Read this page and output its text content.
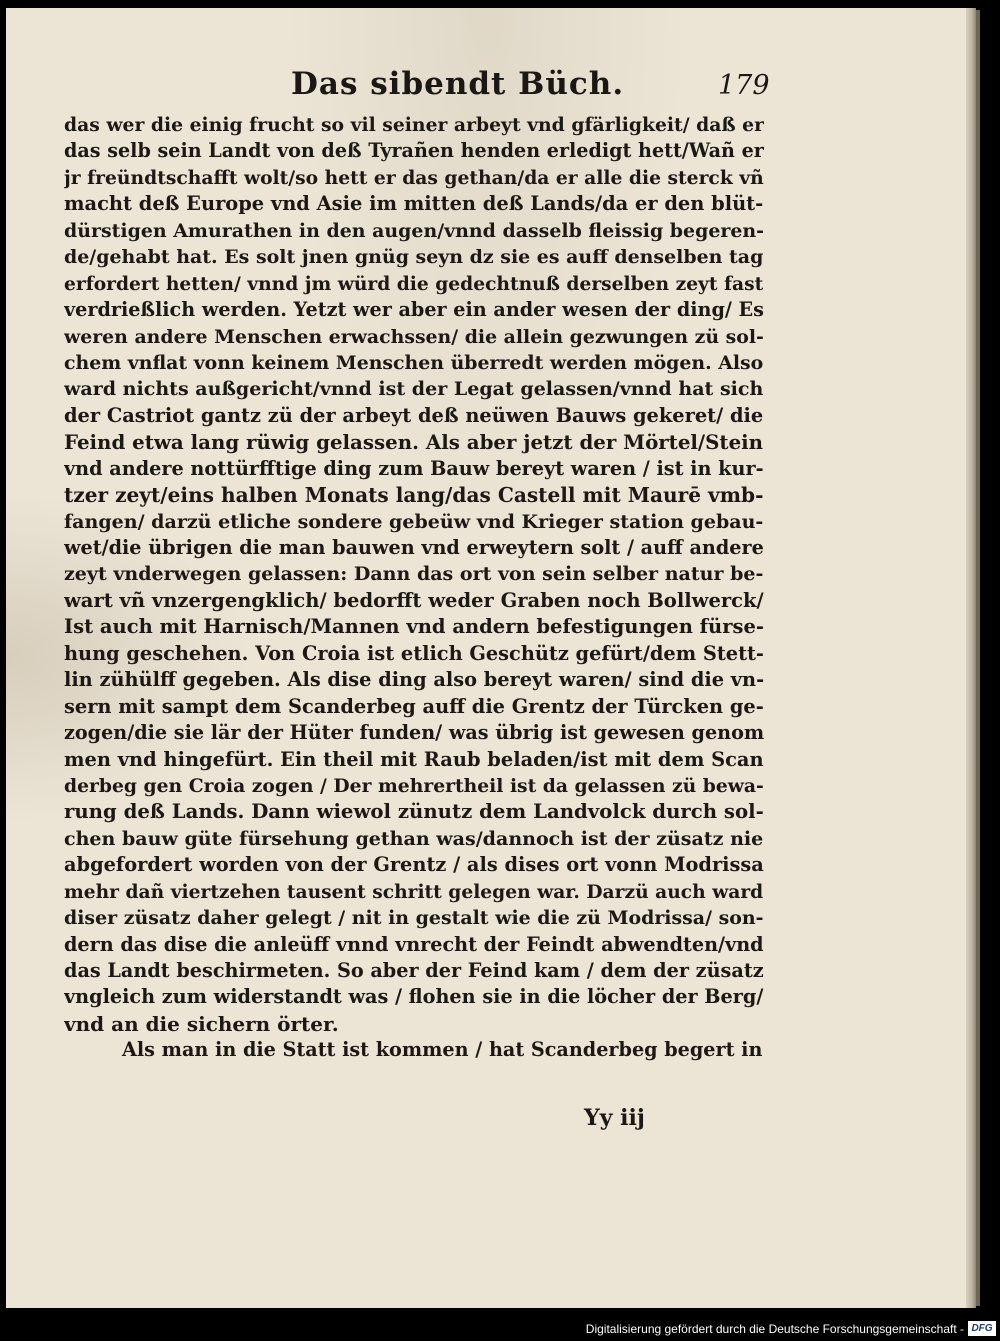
Das sibendt Büch.	179
das wer die einig frucht so vil seiner arbeyt vnd gfärligkeit/ daß er
das selb sein Landt von deß Tyrañen henden erledigt hett/Wañ er
jr freündtschafft wolt/so hett er das gethan/da er alle die sterck vñ
macht deß Europe vnd Asie im mitten deß Lands/da er den blüt-
dürstigen Amurathen in den augen/vnnd dasselb fleissig begeren-
de/gehabt hat. Es solt jnen gnüg seyn dz sie es auff denselben tag
erfordert hetten/ vnnd jm würd die gedechtnuß derselben zeyt fast
verdrießlich werden. Yetzt wer aber ein ander wesen der ding/ Es
weren andere Menschen erwachssen/ die allein gezwungen zü sol-
chem vnflat vonn keinem Menschen überredt werden mögen. Also
ward nichts außgericht/vnnd ist der Legat gelassen/vnnd hat sich
der Castriot gantz zü der arbeyt deß neüwen Bauws gekeret/ die
Feind etwa lang rüwig gelassen. Als aber jetzt der Mörtel/Stein
vnd andere nottürfftige ding zum Bauw bereyt waren / ist in kur-
tzer zeyt/eins halben Monats lang/das Castell mit Maurē vmb-
fangen/ darzü etliche sondere gebeüw vnd Krieger station gebau-
wet/die übrigen die man bauwen vnd erweytern solt / auff andere
zeyt vnderwegen gelassen: Dann das ort von sein selber natur be-
wart vñ vnzergengklich/ bedorfft weder Graben noch Bollwerck/
Ist auch mit Harnisch/Mannen vnd andern befestigungen fürse-
hung geschehen. Von Croia ist etlich Geschütz gefürt/dem Stett-
lin zühülff gegeben. Als dise ding also bereyt waren/ sind die vn-
sern mit sampt dem Scanderbeg auff die Grentz der Türcken ge-
zogen/die sie lär der Hüter funden/ was übrig ist gewesen genom
men vnd hingefürt. Ein theil mit Raub beladen/ist mit dem Scan
derbeg gen Croia zogen / Der mehrertheil ist da gelassen zü bewa-
rung deß Lands. Dann wiewol zünutz dem Landvolck durch sol-
chen bauw güte fürsehung gethan was/dannoch ist der züsatz nie
abgefordert worden von der Grentz / als dises ort vonn Modrissa
mehr dañ viertzehen tausent schritt gelegen war. Darzü auch ward
diser züsatz daher gelegt / nit in gestalt wie die zü Modrissa/ son-
dern das dise die anleüff vnnd vnrecht der Feindt abwendten/vnd
das Landt beschirmeten. So aber der Feind kam / dem der züsatz
vngleich zum widerstandt was / flohen sie in die löcher der Berg/
vnd an die sichern örter.
Als man in die Statt ist kommen / hat Scanderbeg begert in
Yy iij
Digitalisierung gefördert durch die Deutsche Forschungsgemeinschaft - DFG
